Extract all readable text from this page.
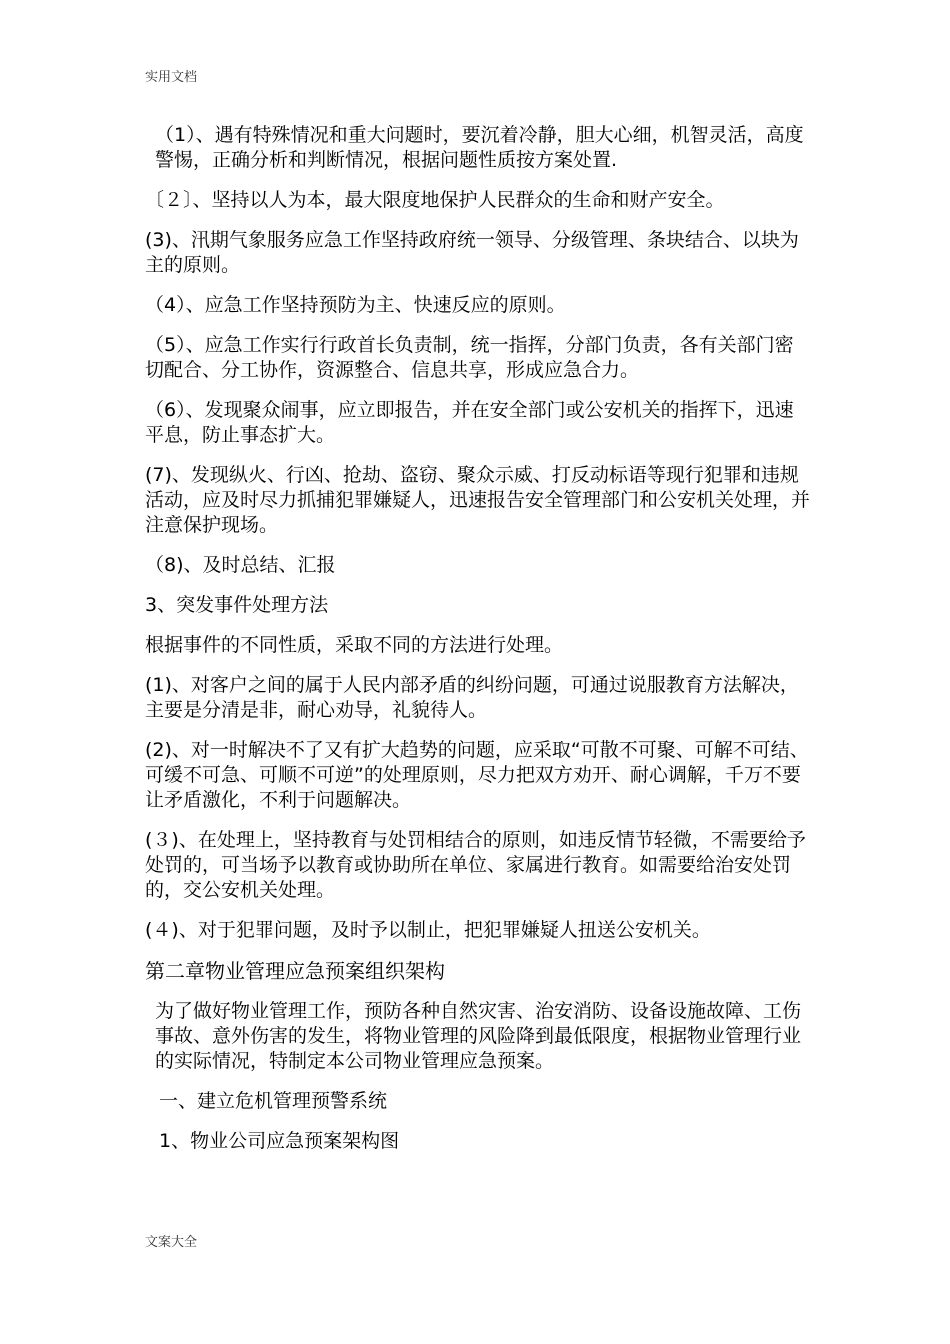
实用文档

（1）、遇有特殊情况和重大问题时，要沉着冷静，胆大心细，机智灵活，高度警惕，正确分析和判断情况，根据问题性质按方案处置.

〔２〕、坚持以人为本，最大限度地保护人民群众的生命和财产安全。

(3)、汛期气象服务应急工作坚持政府统一领导、分级管理、条块结合、以块为主的原则。

（4）、应急工作坚持预防为主、快速反应的原则。

（5）、应急工作实行行政首长负责制，统一指挥，分部门负责，各有关部门密切配合、分工协作，资源整合、信息共享，形成应急合力。

（6）、发现聚众闹事，应立即报告，并在安全部门或公安机关的指挥下，迅速平息，防止事态扩大。

(7)、发现纵火、行凶、抢劫、盗窃、聚众示威、打反动标语等现行犯罪和违规活动，应及时尽力抓捕犯罪嫌疑人，迅速报告安全管理部门和公安机关处理，并注意保护现场。

（8)、及时总结、汇报

3、突发事件处理方法

根据事件的不同性质，采取不同的方法进行处理。

(1)、对客户之间的属于人民内部矛盾的纠纷问题，可通过说服教育方法解决，主要是分清是非，耐心劝导，礼貌待人。

(2)、对一时解决不了又有扩大趋势的问题，应采取“可散不可聚、可解不可结、可缓不可急、可顺不可逆”的处理原则，尽力把双方劝开、耐心调解，千万不要让矛盾激化，不利于问题解决。

(３)、在处理上，坚持教育与处罚相结合的原则，如违反情节轻微，不需要给予处罚的，可当场予以教育或协助所在单位、家属进行教育。如需要给治安处罚的，交公安机关处理。

(４)、对于犯罪问题，及时予以制止，把犯罪嫌疑人扭送公安机关。

第二章物业管理应急预案组织架构

为了做好物业管理工作，预防各种自然灾害、治安消防、设备设施故障、工伤事故、意外伤害的发生，将物业管理的风险降到最低限度，根据物业管理行业的实际情况，特制定本公司物业管理应急预案。

一、建立危机管理预警系统

1、物业公司应急预案架构图

文案大全
